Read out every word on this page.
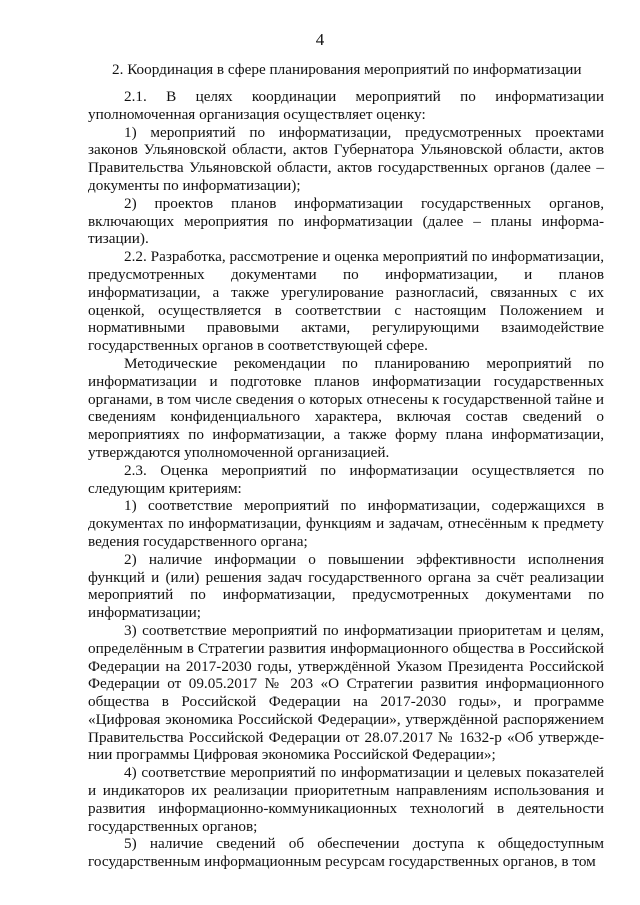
4
2. Координация в сфере планирования мероприятий по информатизации

2.1. В целях координации мероприятий по информатизации уполномоченная организация осуществляет оценку:

1) мероприятий по информатизации, предусмотренных проектами законов Ульяновской области, актов Губернатора Ульяновской области, актов Правительства Ульяновской области, актов государственных органов (далее – документы по информатизации);

2) проектов планов информатизации государственных органов, включающих мероприятия по информатизации (далее – планы информатизации).

2.2. Разработка, рассмотрение и оценка мероприятий по информатизации, предусмотренных документами по информатизации, и планов информатизации, а также урегулирование разногласий, связанных с их оценкой, осуществляется в соответствии с настоящим Положением и нормативными правовыми актами, регулирующими взаимодействие государственных органов в соответствующей сфере.

Методические рекомендации по планированию мероприятий по информатизации и подготовке планов информатизации государственных органами, в том числе сведения о которых отнесены к государственной тайне и сведениям конфиденциального характера, включая состав сведений о мероприятиях по информатизации, а также форму плана информатизации, утверждаются уполномоченной организацией.

2.3. Оценка мероприятий по информатизации осуществляется по следующим критериям:

1) соответствие мероприятий по информатизации, содержащихся в документах по информатизации, функциям и задачам, отнесённым к предмету ведения государственного органа;

2) наличие информации о повышении эффективности исполнения функций и (или) решения задач государственного органа за счёт реализации мероприятий по информатизации, предусмотренных документами по информатизации;

3) соответствие мероприятий по информатизации приоритетам и целям, определённым в Стратегии развития информационного общества в Российской Федерации на 2017-2030 годы, утверждённой Указом Президента Российской Федерации от 09.05.2017 № 203 «О Стратегии развития информационного общества в Российской Федерации на 2017-2030 годы», и программе «Цифровая экономика Российской Федерации», утверждённой распоряжением Правительства Российской Федерации от 28.07.2017 № 1632-р «Об утверждении программы Цифровая экономика Российской Федерации»;

4) соответствие мероприятий по информатизации и целевых показателей и индикаторов их реализации приоритетным направлениям использования и развития информационно-коммуникационных технологий в деятельности государственных органов;

5) наличие сведений об обеспечении доступа к общедоступным государственным информационным ресурсам государственных органов, в том
